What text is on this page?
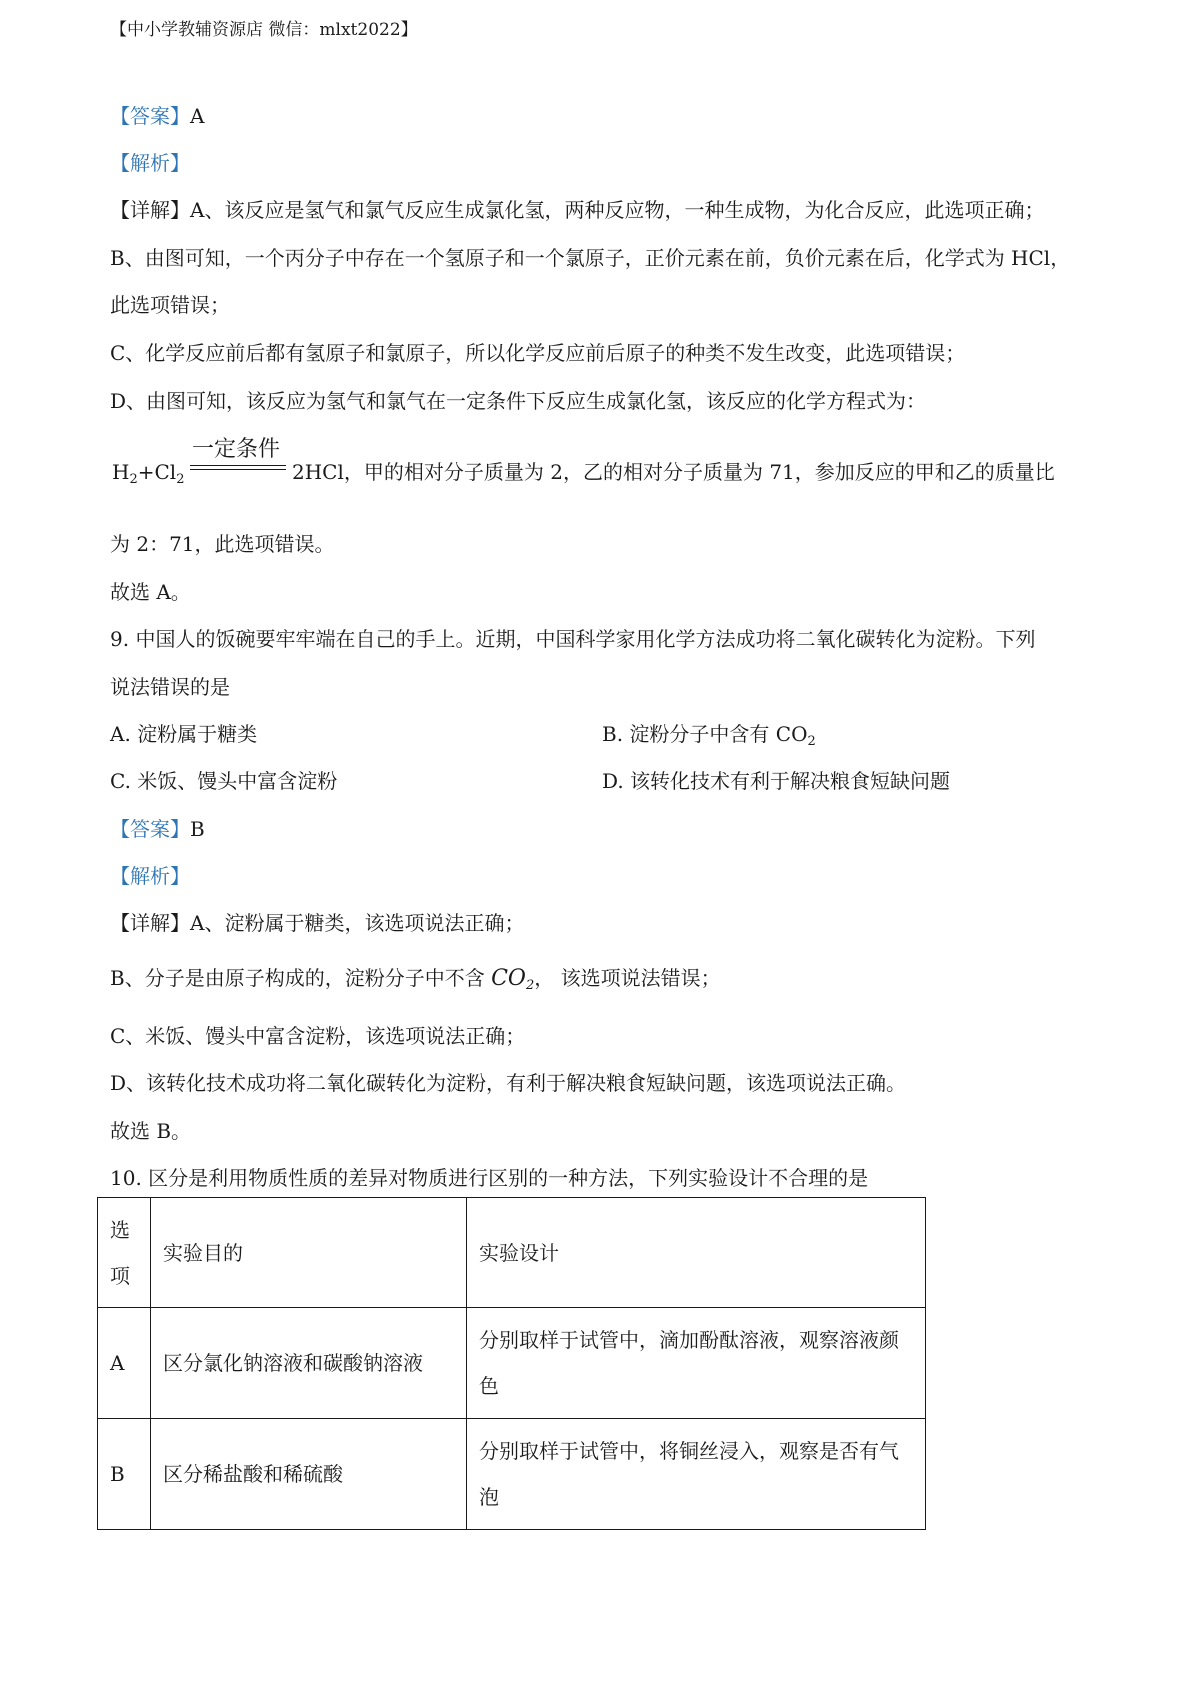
【中小学教辅资源店 微信：mlxt2022】
【答案】A
【解析】
【详解】A、该反应是氢气和氯气反应生成氯化氢，两种反应物，一种生成物，为化合反应，此选项正确；
B、由图可知，一个丙分子中存在一个氢原子和一个氯原子，正价元素在前，负价元素在后，化学式为 HCl，
此选项错误；
C、化学反应前后都有氢原子和氯原子，所以化学反应前后原子的种类不发生改变，此选项错误；
D、由图可知，该反应为氢气和氯气在一定条件下反应生成氯化氢，该反应的化学方程式为：
$H_2+Cl_2$
一定条件
2HCl，甲的相对分子质量为 2，乙的相对分子质量为 71，参加反应的甲和乙的质量比
为 2：71，此选项错误。
故选 A。
9. 中国人的饭碗要牢牢端在自己的手上。近期，中国科学家用化学方法成功将二氧化碳转化为淀粉。下列
说法错误的是
A. 淀粉属于糖类	B. 淀粉分子中含有 $CO_2$
C. 米饭、馒头中富含淀粉	D. 该转化技术有利于解决粮食短缺问题
【答案】B
【解析】
【详解】A、淀粉属于糖类，该选项说法正确；
B、分子是由原子构成的，淀粉分子中不含 $CO_2$， 该选项说法错误；
C、米饭、馒头中富含淀粉，该选项说法正确；
D、该转化技术成功将二氧化碳转化为淀粉，有利于解决粮食短缺问题，该选项说法正确。
故选 B。
10. 区分是利用物质性质的差异对物质进行区别的一种方法，下列实验设计不合理的是
选项	实验目的	实验设计
A	区分氯化钠溶液和碳酸钠溶液	分别取样于试管中，滴加酚酞溶液，观察溶液颜色
B	区分稀盐酸和稀硫酸	分别取样于试管中，将铜丝浸入，观察是否有气泡
